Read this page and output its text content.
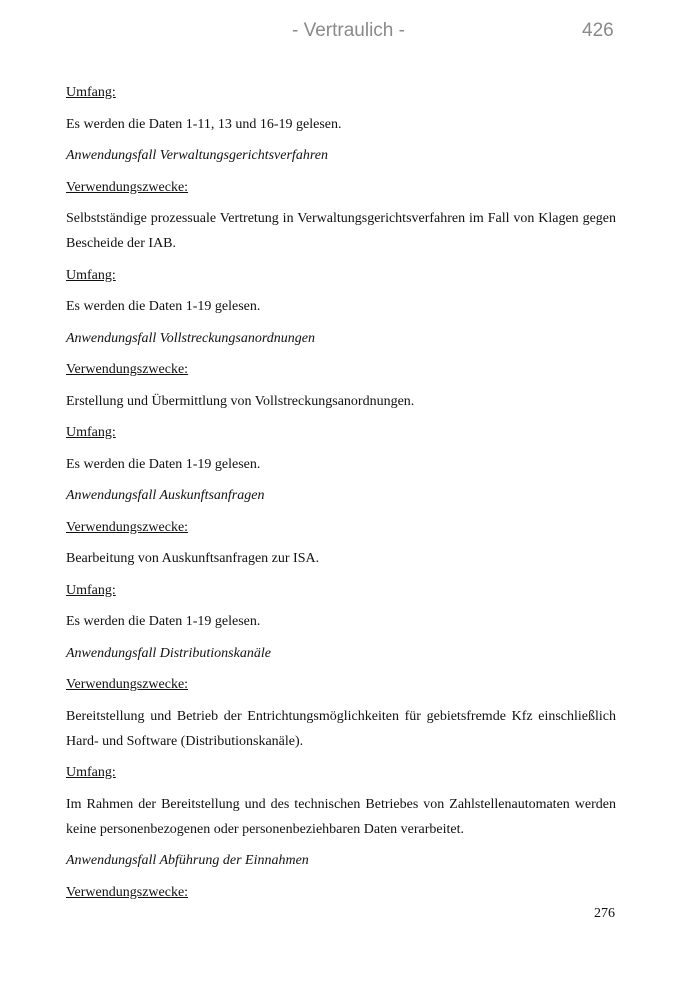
- Vertraulich -	426

Umfang:

Es werden die Daten 1-11, 13 und 16-19 gelesen.

Anwendungsfall Verwaltungsgerichtsverfahren

Verwendungszwecke:

Selbstständige prozessuale Vertretung in Verwaltungsgerichtsverfahren im Fall von Klagen gegen Bescheide der IAB.

Umfang:

Es werden die Daten 1-19 gelesen.

Anwendungsfall Vollstreckungsanordnungen

Verwendungszwecke:

Erstellung und Übermittlung von Vollstreckungsanordnungen.

Umfang:

Es werden die Daten 1-19 gelesen.

Anwendungsfall Auskunftsanfragen

Verwendungszwecke:

Bearbeitung von Auskunftsanfragen zur ISA.

Umfang:

Es werden die Daten 1-19 gelesen.

Anwendungsfall Distributionskanäle

Verwendungszwecke:

Bereitstellung und Betrieb der Entrichtungsmöglichkeiten für gebietsfremde Kfz einschließlich Hard- und Software (Distributionskanäle).

Umfang:

Im Rahmen der Bereitstellung und des technischen Betriebes von Zahlstellenautomaten werden keine personenbezogenen oder personenbeziehbaren Daten verarbeitet.

Anwendungsfall Abführung der Einnahmen

Verwendungszwecke:

276
